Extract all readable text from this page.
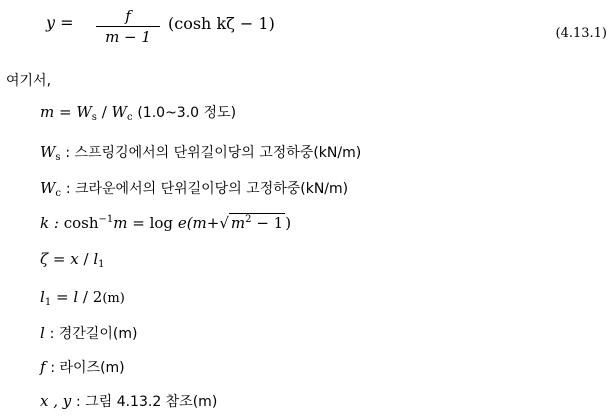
y =	f
m − 1
(cosh kζ − 1)
(4.13.1)
여기서,
$m = W_s / W_c$ (1.0~3.0 정도)
$W_s$ : 스프링깅에서의 단위길이당의 고정하중(kN/m)
$W_c$ : 크라운에서의 단위길이당의 고정하중(kN/m)
k : $\cosh^{-1}m = \log e(m+√$ $m^2 - 1$ )
$\zeta = x / l_1$
$l_1 = l / 2(m)$
l : 경간길이(m)
f : 라이즈(m)
x , y : 그림 4.13.2 참조(m)
